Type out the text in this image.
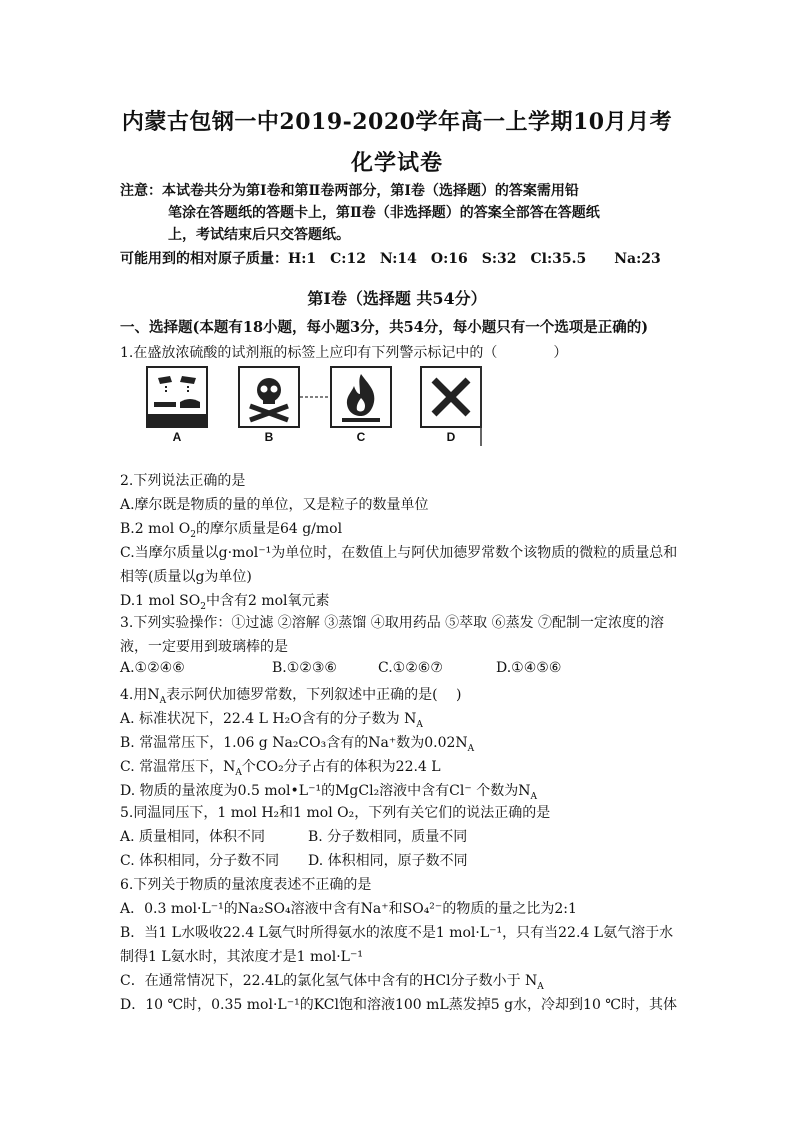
内蒙古包钢一中2019-2020学年高一上学期10月月考
化学试卷
注意：本试卷共分为第Ⅰ卷和第Ⅱ卷两部分，第Ⅰ卷（选择题）的答案需用铅
笔涂在答题纸的答题卡上，第Ⅱ卷（非选择题）的答案全部答在答题纸
上，考试结束后只交答题纸。
可能用到的相对原子质量：H:1　C:12　N:14　O:16　S:32　Cl:35.5　　Na:23
第Ⅰ卷（选择题 共54分）
一、选择题(本题有18小题，每小题3分，共54分，每小题只有一个选项是正确的)
1.在盛放浓硫酸的试剂瓶的标签上应印有下列警示标记中的（　　　　）
A	B	C	D
2.下列说法正确的是
A.摩尔既是物质的量的单位，又是粒子的数量单位
B.2 mol $O_2$的摩尔质量是64 g/mol
C.当摩尔质量以g·mol⁻¹为单位时，在数值上与阿伏加德罗常数个该物质的微粒的质量总和
相等(质量以g为单位)
D.1 mol $SO_2$中含有2 mol氧元素
3.下列实验操作：①过滤 ②溶解 ③蒸馏 ④取用药品 ⑤萃取 ⑥蒸发 ⑦配制一定浓度的溶
液，一定要用到玻璃棒的是
A.①②④⑥	B.①②③⑥	C.①②⑥⑦	D.①④⑤⑥
4.用$N_A$表示阿伏加德罗常数，下列叙述中正确的是(　 )
A. 标准状况下，22.4 L H₂O含有的分子数为 $N_A$
B. 常温常压下，1.06 g Na₂CO₃含有的Na⁺数为$0.02N_A$
C. 常温常压下，$N_A$个CO₂分子占有的体积为22.4 L
D. 物质的量浓度为0.5 mol•L⁻¹的MgCl₂溶液中含有Cl⁻ 个数为$N_A$
5.同温同压下，1 mol H₂和1 mol O₂，下列有关它们的说法正确的是
A. 质量相同，体积不同	B. 分子数相同，质量不同
C. 体积相同，分子数不同 D. 体积相同，原子数不同
6.下列关于物质的量浓度表述不正确的是
A．0.3 mol·L⁻¹的Na₂SO₄溶液中含有Na⁺和SO₄²⁻的物质的量之比为2:1
B．当1 L水吸收22.4 L氨气时所得氨水的浓度不是1 mol·L⁻¹，只有当22.4 L氨气溶于水
制得1 L氨水时，其浓度才是1 mol·L⁻¹
C．在通常情况下，22.4L的氯化氢气体中含有的HCl分子数小于 $N_A$
D．10 ℃时，0.35 mol·L⁻¹的KCl饱和溶液100 mL蒸发掉5 g水，冷却到10 ℃时，其体
